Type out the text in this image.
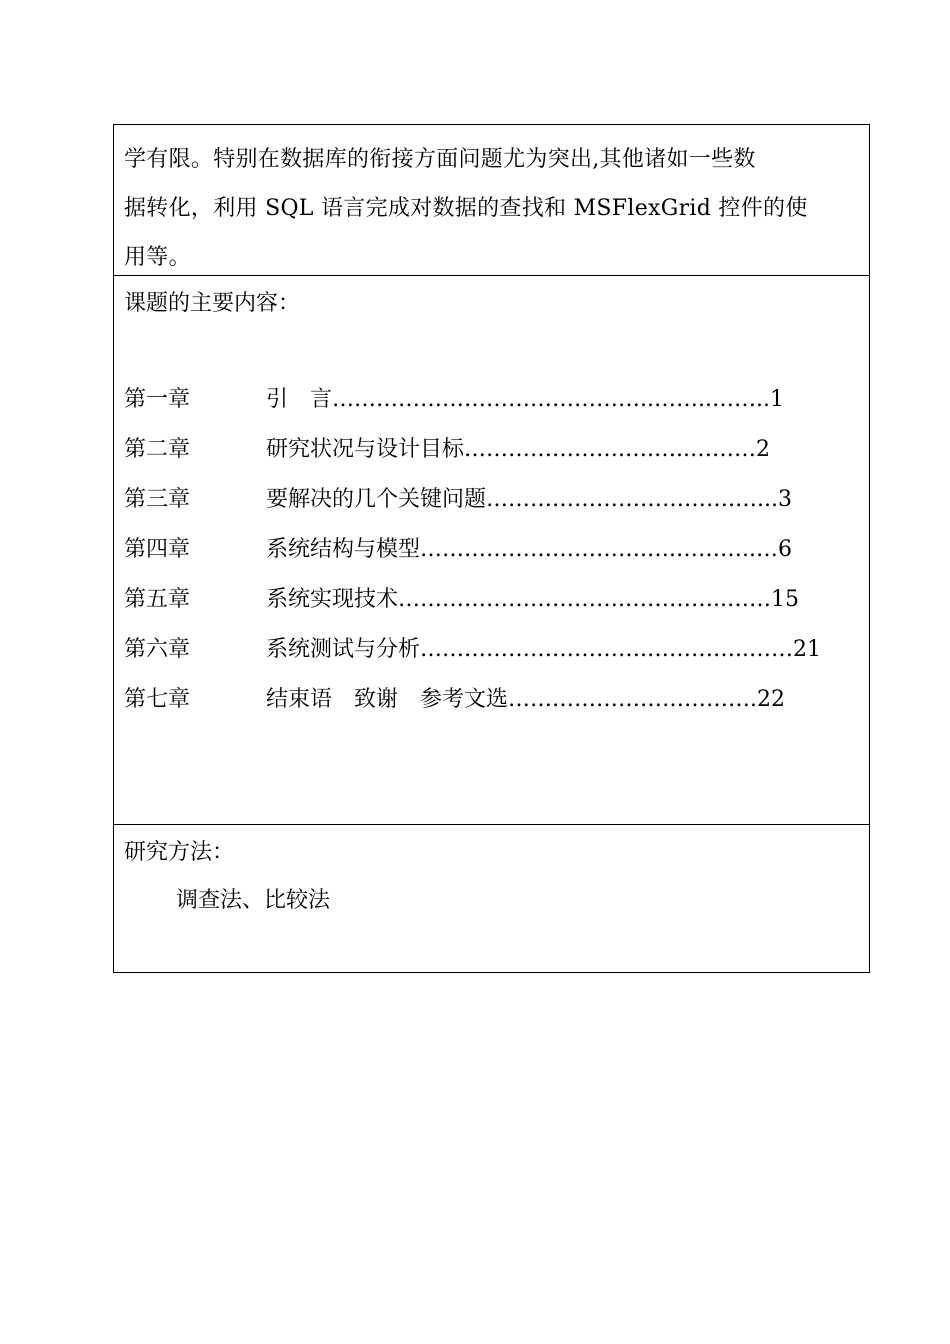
学有限。特别在数据库的衔接方面问题尤为突出,其他诸如一些数

据转化，利用 SQL 语言完成对数据的查找和 MSFlexGrid 控件的使

用等。

课题的主要内容：

第一章	引　言 ……………………………………..……..……..1
第二章	研究状况与设计目标 ………………….….…..………2
第三章	要解决的几个关键问题 …………………………….…...3
第四章	系统结构与模型 ………………………….….………..…6
第五章	系统实现技术 ………………………….…………..……15
第六章	系统测试与分析 ………………………….…………..……21
第七章	结束语　致谢　参考文选 …………………………….22

研究方法：

调查法、比较法
